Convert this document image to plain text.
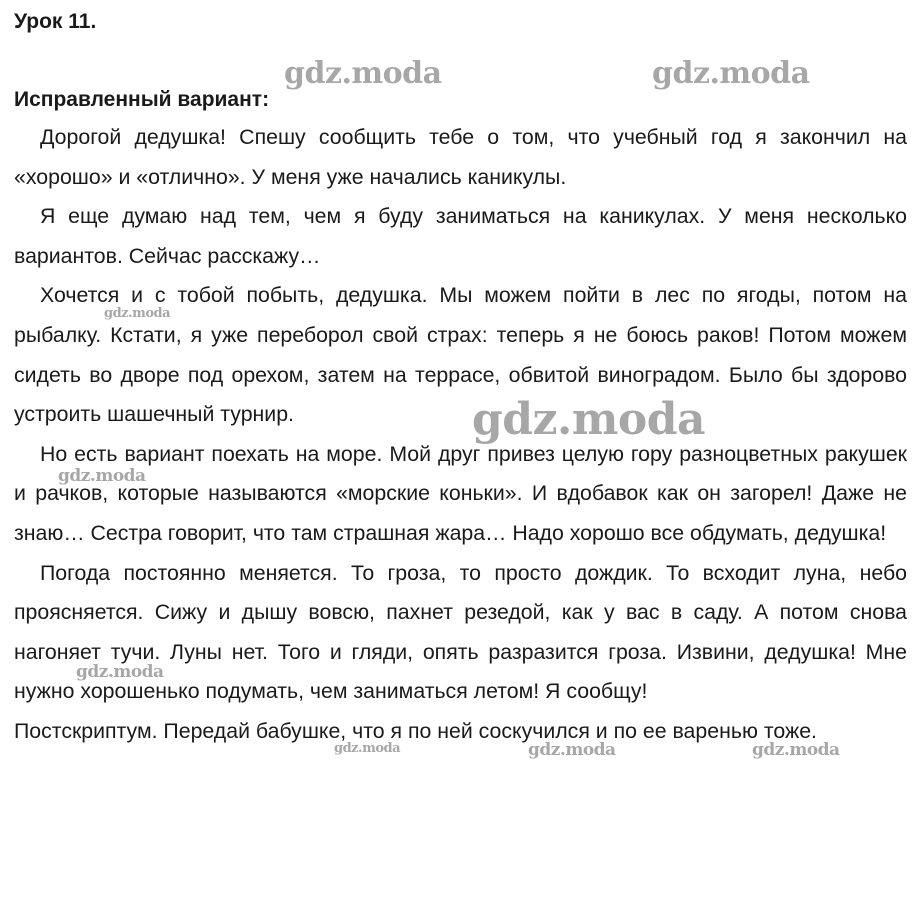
Урок 11.
Исправленный вариант:

Дорогой дедушка! Спешу сообщить тебе о том, что учебный год я закончил на «хорошо» и «отлично». У меня уже начались каникулы.

Я еще думаю над тем, чем я буду заниматься на каникулах. У меня несколько вариантов. Сейчас расскажу…

Хочется и с тобой побыть, дедушка. Мы можем пойти в лес по ягоды, потом на рыбалку. Кстати, я уже переборол свой страх: теперь я не боюсь раков! Потом можем сидеть во дворе под орехом, затем на террасе, обвитой виноградом. Было бы здорово устроить шашечный турнир.

Но есть вариант поехать на море. Мой друг привез целую гору разноцветных ракушек и рачков, которые называются «морские коньки». И вдобавок как он загорел! Даже не знаю… Сестра говорит, что там страшная жара… Надо хорошо все обдумать, дедушка!

Погода постоянно меняется. То гроза, то просто дождик. То всходит луна, небо проясняется. Сижу и дышу вовсю, пахнет резедой, как у вас в саду. А потом снова нагоняет тучи. Луны нет. Того и гляди, опять разразится гроза. Извини, дедушка! Мне нужно хорошенько подумать, чем заниматься летом! Я сообщу!

Постскриптум. Передай бабушке, что я по ней соскучился и по ее варенью тоже.

gdz.moda	gdz.moda
gdz.moda
gdz.moda
gdz.moda
gdz.moda
gdz.moda	gdz.moda	gdz.moda
